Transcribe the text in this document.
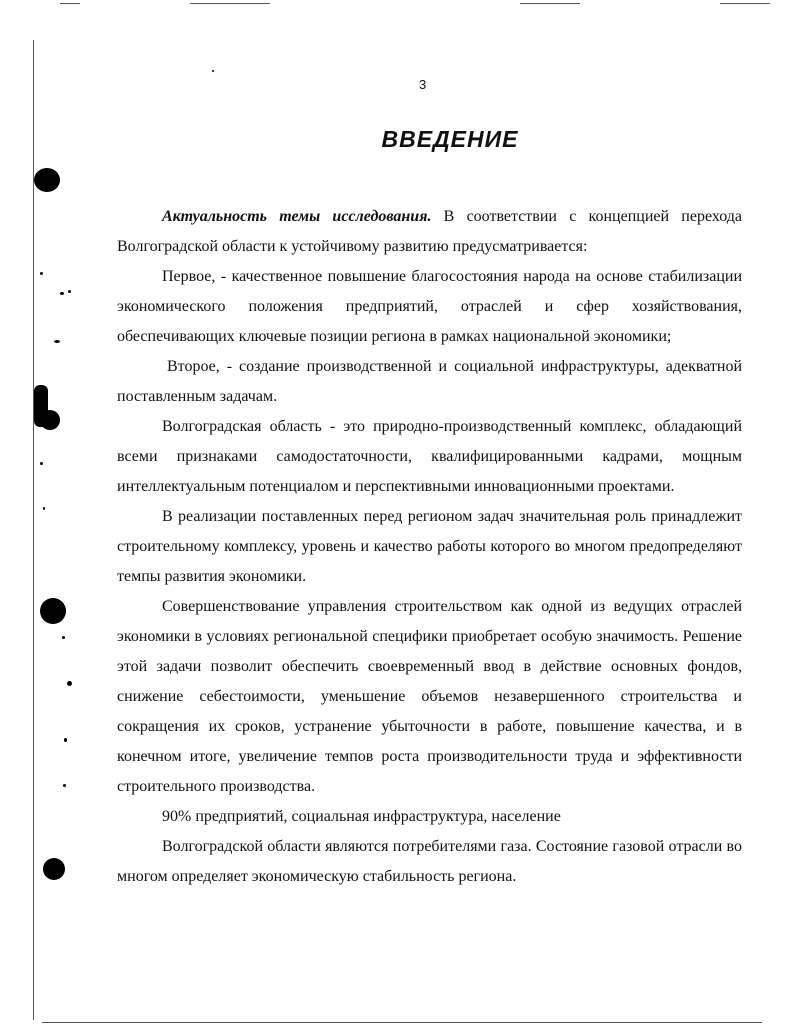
3
ВВЕДЕНИЕ

Актуальность темы исследования. В соответствии с концепцией перехода Волгоградской области к устойчивому развитию предусматривается:

Первое, - качественное повышение благосостояния народа на основе стабилизации экономического положения предприятий, отраслей и сфер хозяйствования, обеспечивающих ключевые позиции региона в рамках национальной экономики;

Второе, - создание производственной и социальной инфраструктуры, адекватной поставленным задачам.

Волгоградская область - это природно-производственный комплекс, обладающий всеми признаками самодостаточности, квалифицированными кадрами, мощным интеллектуальным потенциалом и перспективными инновационными проектами.

В реализации поставленных перед регионом задач значительная роль принадлежит строительному комплексу, уровень и качество работы которого во многом предопределяют темпы развития экономики.

Совершенствование управления строительством как одной из ведущих отраслей экономики в условиях региональной специфики приобретает особую значимость. Решение этой задачи позволит обеспечить своевременный ввод в действие основных фондов, снижение себестоимости, уменьшение объемов незавершенного строительства и сокращения их сроков, устранение убыточности в работе, повышение качества, и в конечном итоге, увеличение темпов роста производительности труда и эффективности строительного производства.

90% предприятий, социальная инфраструктура, население

Волгоградской области являются потребителями газа. Состояние газовой отрасли во многом определяет экономическую стабильность региона.
